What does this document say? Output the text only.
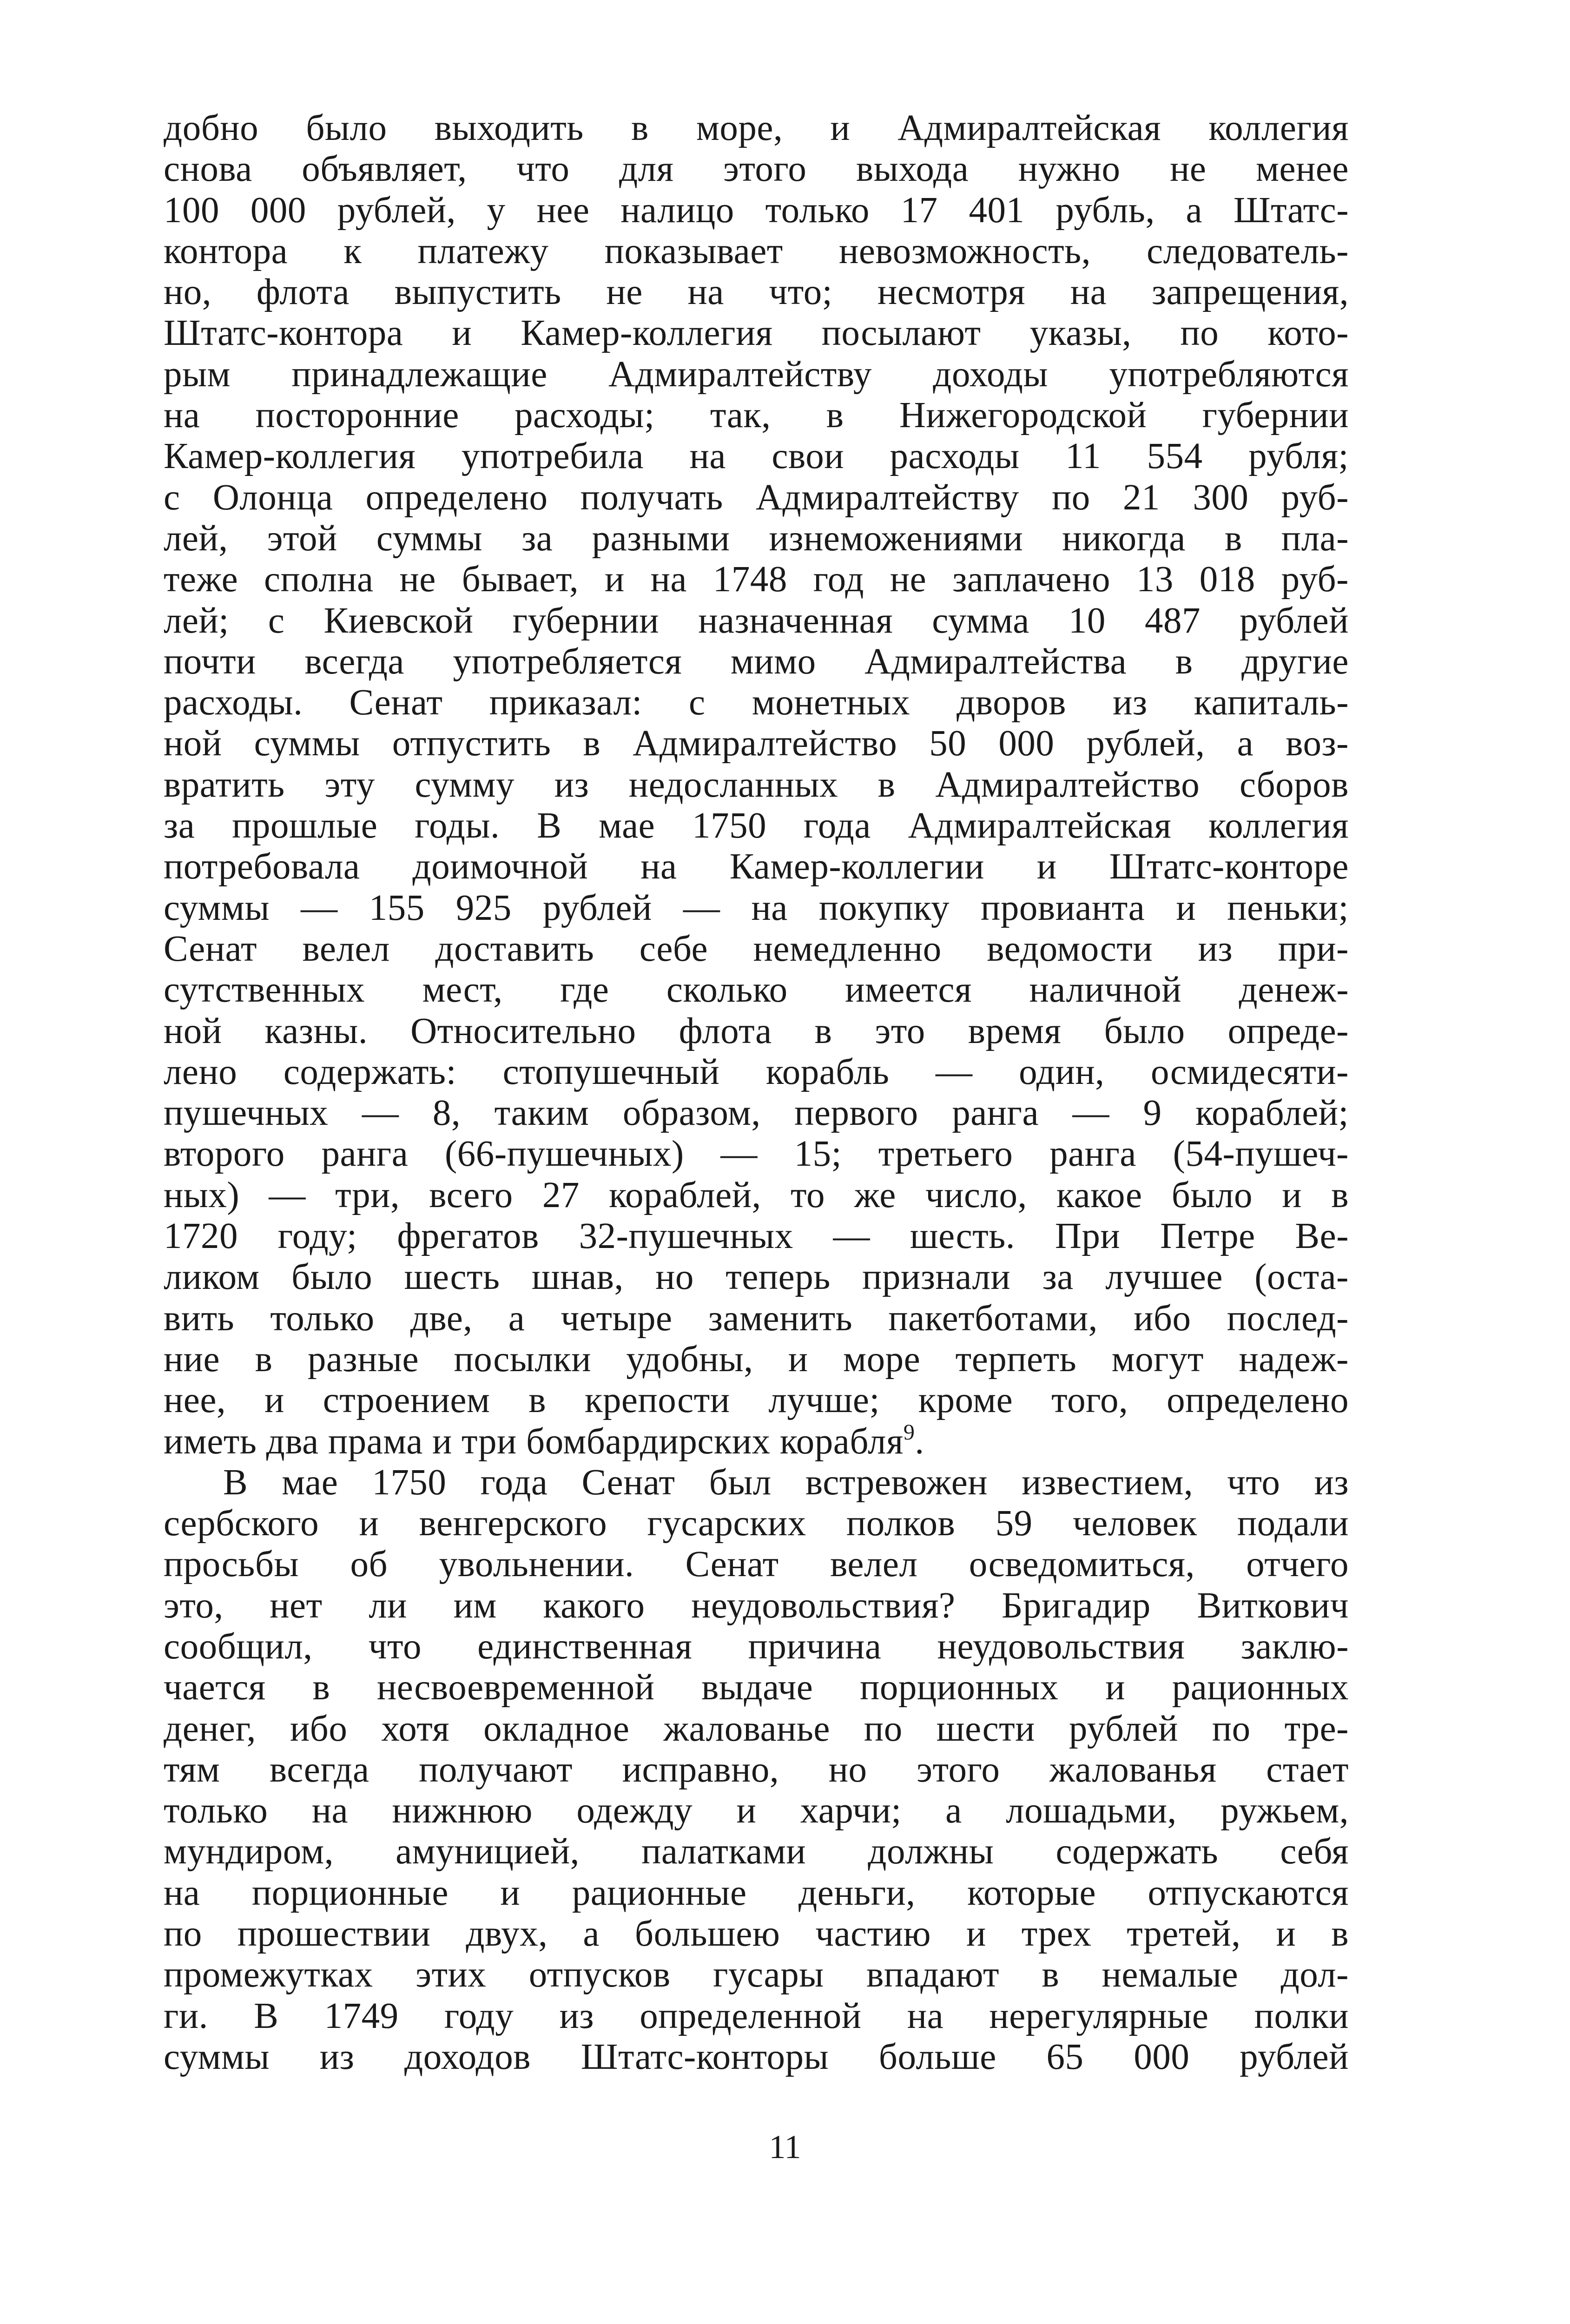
добно было выходить в море, и Адмиралтейская коллегия
снова объявляет, что для этого выхода нужно не менее
100 000 рублей, у нее налицо только 17 401 рубль, а Штатс-
контора к платежу показывает невозможность, следователь-
но, флота выпустить не на что; несмотря на запрещения,
Штатс-контора и Камер-коллегия посылают указы, по кото-
рым принадлежащие Адмиралтейству доходы употребляются
на посторонние расходы; так, в Нижегородской губернии
Камер-коллегия употребила на свои расходы 11 554 рубля;
с Олонца определено получать Адмиралтейству по 21 300 руб-
лей, этой суммы за разными изнеможениями никогда в пла-
теже сполна не бывает, и на 1748 год не заплачено 13 018 руб-
лей; с Киевской губернии назначенная сумма 10 487 рублей
почти всегда употребляется мимо Адмиралтейства в другие
расходы. Сенат приказал: с монетных дворов из капиталь-
ной суммы отпустить в Адмиралтейство 50 000 рублей, а воз-
вратить эту сумму из недосланных в Адмиралтейство сборов
за прошлые годы. В мае 1750 года Адмиралтейская коллегия
потребовала доимочной на Камер-коллегии и Штатс-конторе
суммы — 155 925 рублей — на покупку провианта и пеньки;
Сенат велел доставить себе немедленно ведомости из при-
сутственных мест, где сколько имеется наличной денеж-
ной казны. Относительно флота в это время было опреде-
лено содержать: стопушечный корабль — один, осмидесяти-
пушечных — 8, таким образом, первого ранга — 9 кораблей;
второго ранга (66-пушечных) — 15; третьего ранга (54-пушеч-
ных) — три, всего 27 кораблей, то же число, какое было и в
1720 году; фрегатов 32-пушечных — шесть. При Петре Ве-
ликом было шесть шнав, но теперь признали за лучшее (оста-
вить только две, а четыре заменить пакетботами, ибо послед-
ние в разные посылки удобны, и море терпеть могут надеж-
нее, и строением в крепости лучше; кроме того, определено
иметь два прама и три бомбардирских корабля$^9$.
В мае 1750 года Сенат был встревожен известием, что из
сербского и венгерского гусарских полков 59 человек подали
просьбы об увольнении. Сенат велел осведомиться, отчего
это, нет ли им какого неудовольствия? Бригадир Виткович
сообщил, что единственная причина неудовольствия заклю-
чается в несвоевременной выдаче порционных и рационных
денег, ибо хотя окладное жалованье по шести рублей по тре-
тям всегда получают исправно, но этого жалованья стает
только на нижнюю одежду и харчи; а лошадьми, ружьем,
мундиром, амуницией, палатками должны содержать себя
на порционные и рационные деньги, которые отпускаются
по прошествии двух, а большею частию и трех третей, и в
промежутках этих отпусков гусары впадают в немалые дол-
ги. В 1749 году из определенной на нерегулярные полки
суммы из доходов Штатс-конторы больше 65 000 рублей
11
